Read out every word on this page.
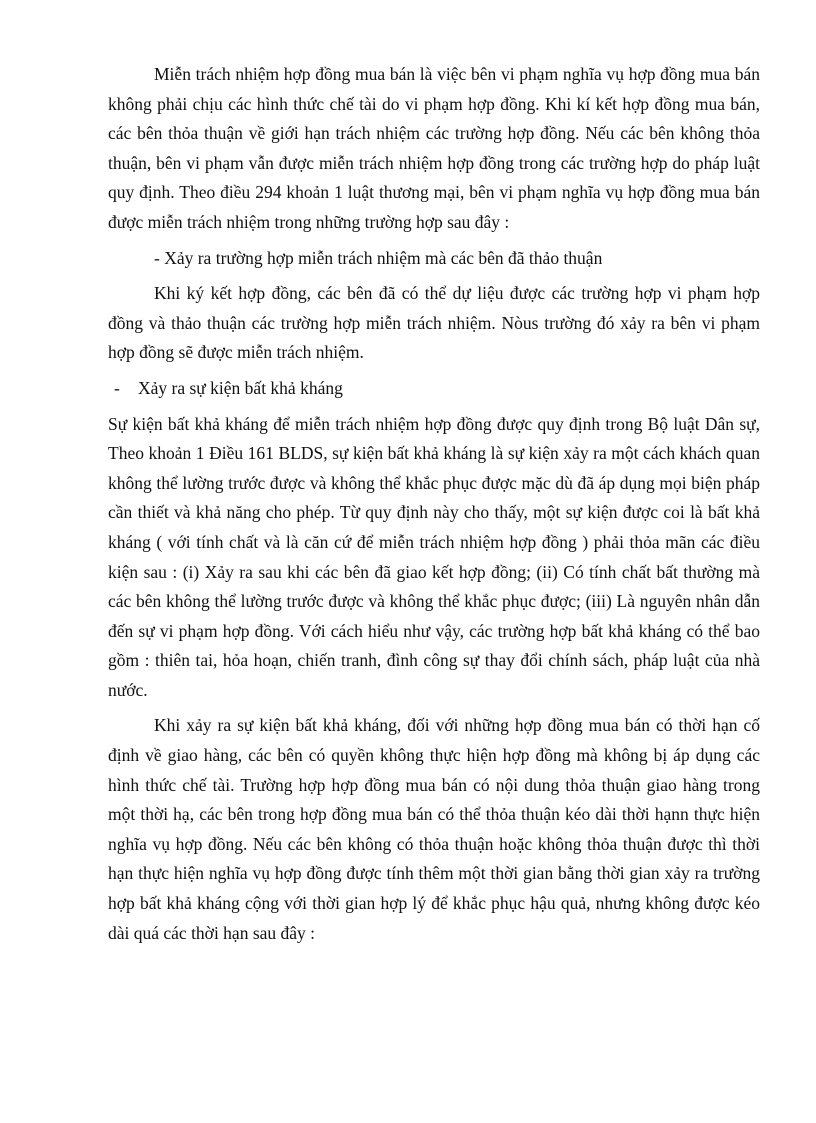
Miễn trách nhiệm hợp đồng mua bán là việc bên vi phạm nghĩa vụ hợp đồng mua bán không phải chịu các hình thức chế tài do vi phạm hợp đồng. Khi kí kết hợp đồng mua bán, các bên thỏa thuận về giới hạn trách nhiệm các trường hợp đồng. Nếu các bên không thỏa thuận, bên vi phạm vẫn được miễn trách nhiệm hợp đồng trong các trường hợp do pháp luật quy định. Theo điều 294 khoản 1 luật thương mại, bên vi phạm nghĩa vụ hợp đồng mua bán được miễn trách nhiệm trong những trường hợp sau đây :

- Xảy ra trường hợp miễn trách nhiệm mà các bên đã thảo thuận

Khi ký kết hợp đồng, các bên đã có thể dự liệu được các trường hợp vi phạm hợp đồng và thảo thuận các trường hợp miễn trách nhiệm. Nòus trường đó xảy ra bên vi phạm hợp đồng sẽ được miễn trách nhiệm.

-	Xảy ra sự kiện bất khả kháng

Sự kiện bất khả kháng để miễn trách nhiệm hợp đồng được quy định trong Bộ luật Dân sự, Theo khoản 1 Điều 161 BLDS, sự kiện bất khả kháng là sự kiện xảy ra một cách khách quan không thể lường trước được và không thể khắc phục được mặc dù đã áp dụng mọi biện pháp cần thiết và khả năng cho phép. Từ quy định này cho thấy, một sự kiện được coi là bất khả kháng ( với tính chất và là căn cứ để miễn trách nhiệm hợp đồng ) phải thỏa mãn các điều kiện sau : (i) Xảy ra sau khi các bên đã giao kết hợp đồng; (ii) Có tính chất bất thường mà các bên không thể lường trước được và không thể khắc phục được; (iii) Là nguyên nhân dẫn đến sự vi phạm hợp đồng. Với cách hiểu như vậy, các trường hợp bất khả kháng có thể bao gồm : thiên tai, hỏa hoạn, chiến tranh, đình công sự thay đổi chính sách, pháp luật của nhà nước.

Khi xảy ra sự kiện bất khả kháng, đối với những hợp đồng mua bán có thời hạn cố định về giao hàng, các bên có quyền không thực hiện hợp đồng mà không bị áp dụng các hình thức chế tài. Trường hợp hợp đồng mua bán có nội dung thỏa thuận giao hàng trong một thời hạ, các bên trong hợp đồng mua bán có thể thỏa thuận kéo dài thời hạnn thực hiện nghĩa vụ hợp đồng. Nếu các bên không có thỏa thuận hoặc không thỏa thuận được thì thời hạn thực hiện nghĩa vụ hợp đồng được tính thêm một thời gian bằng thời gian xảy ra trường hợp bất khả kháng cộng với thời gian hợp lý để khắc phục hậu quả, nhưng không được kéo dài quá các thời hạn sau đây :
